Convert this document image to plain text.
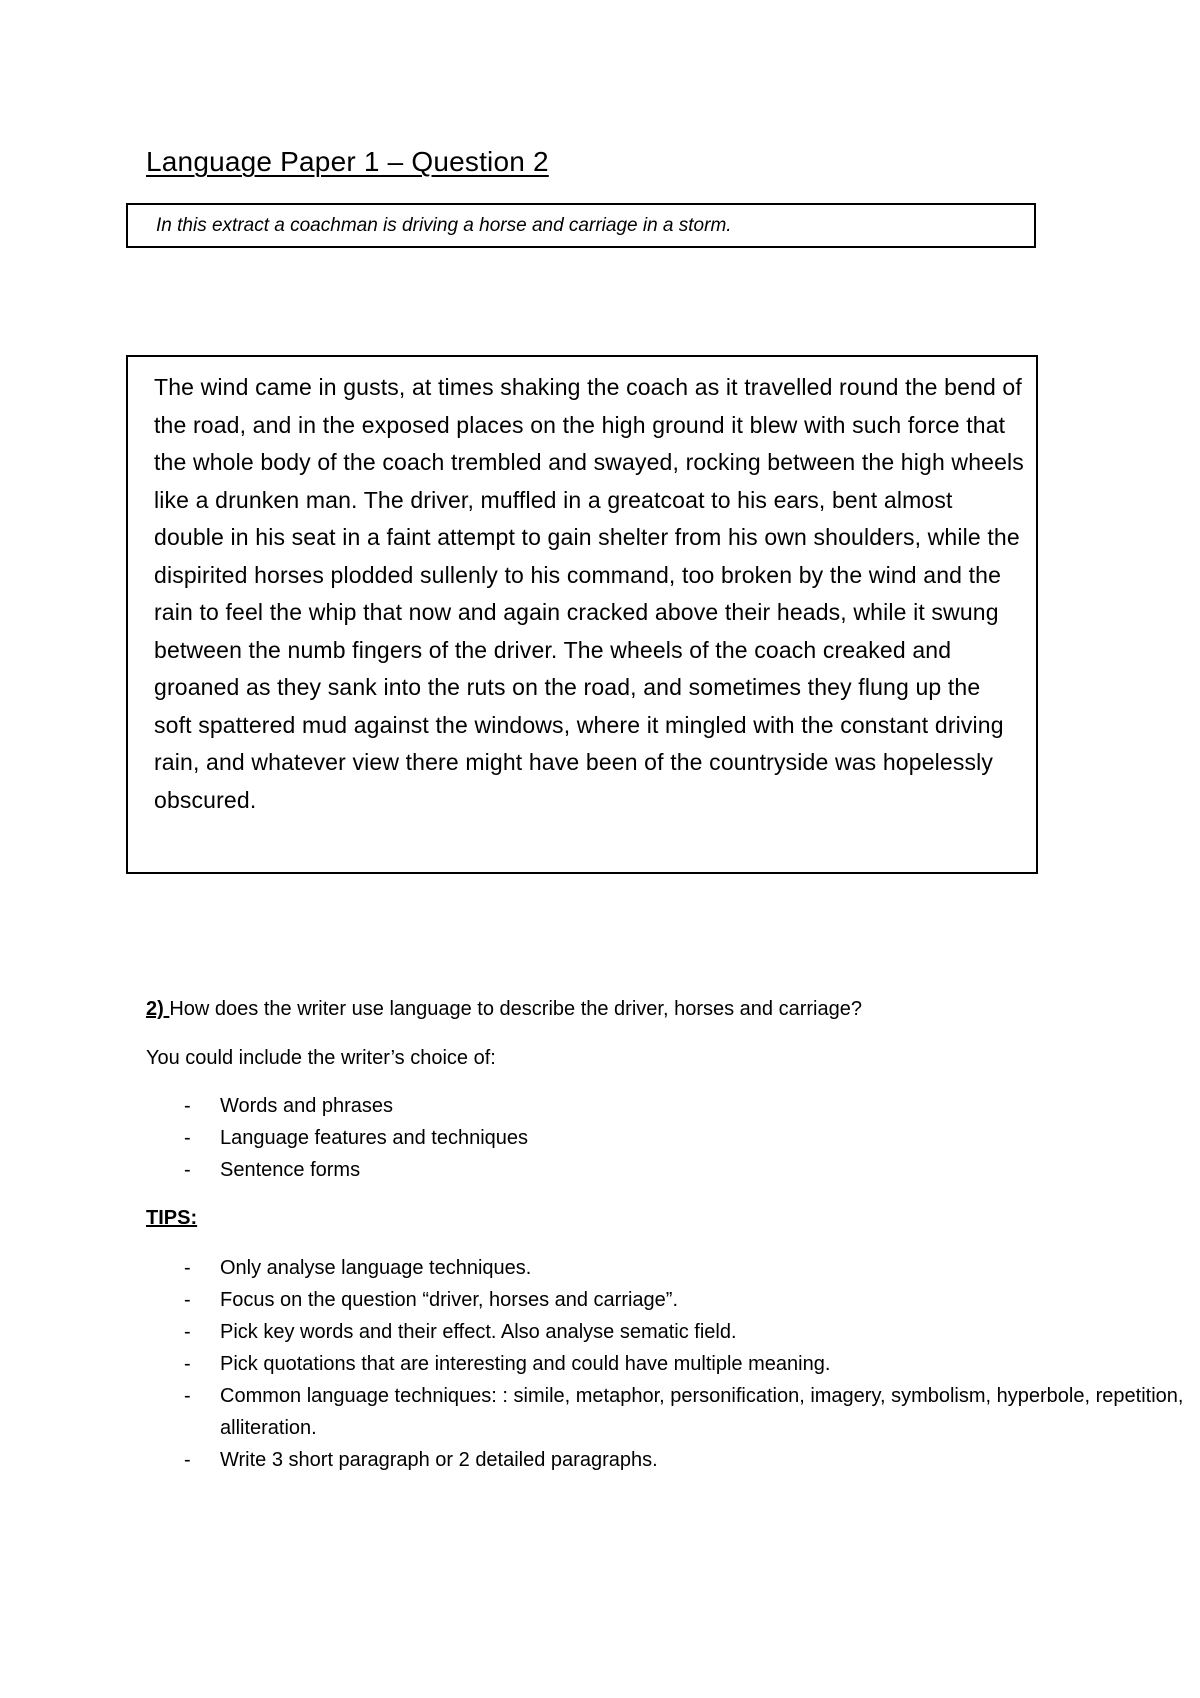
Language Paper 1 – Question 2
In this extract a coachman is driving a horse and carriage in a storm.

The wind came in gusts, at times shaking the coach as it travelled round the bend of the road, and in the exposed places on the high ground it blew with such force that the whole body of the coach trembled and swayed, rocking between the high wheels like a drunken man. The driver, muffled in a greatcoat to his ears, bent almost double in his seat in a faint attempt to gain shelter from his own shoulders, while the dispirited horses plodded sullenly to his command, too broken by the wind and the rain to feel the whip that now and again cracked above their heads, while it swung between the numb fingers of the driver. The wheels of the coach creaked and groaned as they sank into the ruts on the road, and sometimes they flung up the soft spattered mud against the windows, where it mingled with the constant driving rain, and whatever view there might have been of the countryside was hopelessly obscured.

2) How does the writer use language to describe the driver, horses and carriage?

You could include the writer’s choice of:

- Words and phrases
- Language features and techniques
- Sentence forms

TIPS:

- Only analyse language techniques.
- Focus on the question “driver, horses and carriage”.
- Pick key words and their effect. Also analyse sematic field.
- Pick quotations that are interesting and could have multiple meaning.
- Common language techniques: : simile, metaphor, personification, imagery, symbolism, hyperbole, repetition, alliteration.
- Write 3 short paragraph or 2 detailed paragraphs.
